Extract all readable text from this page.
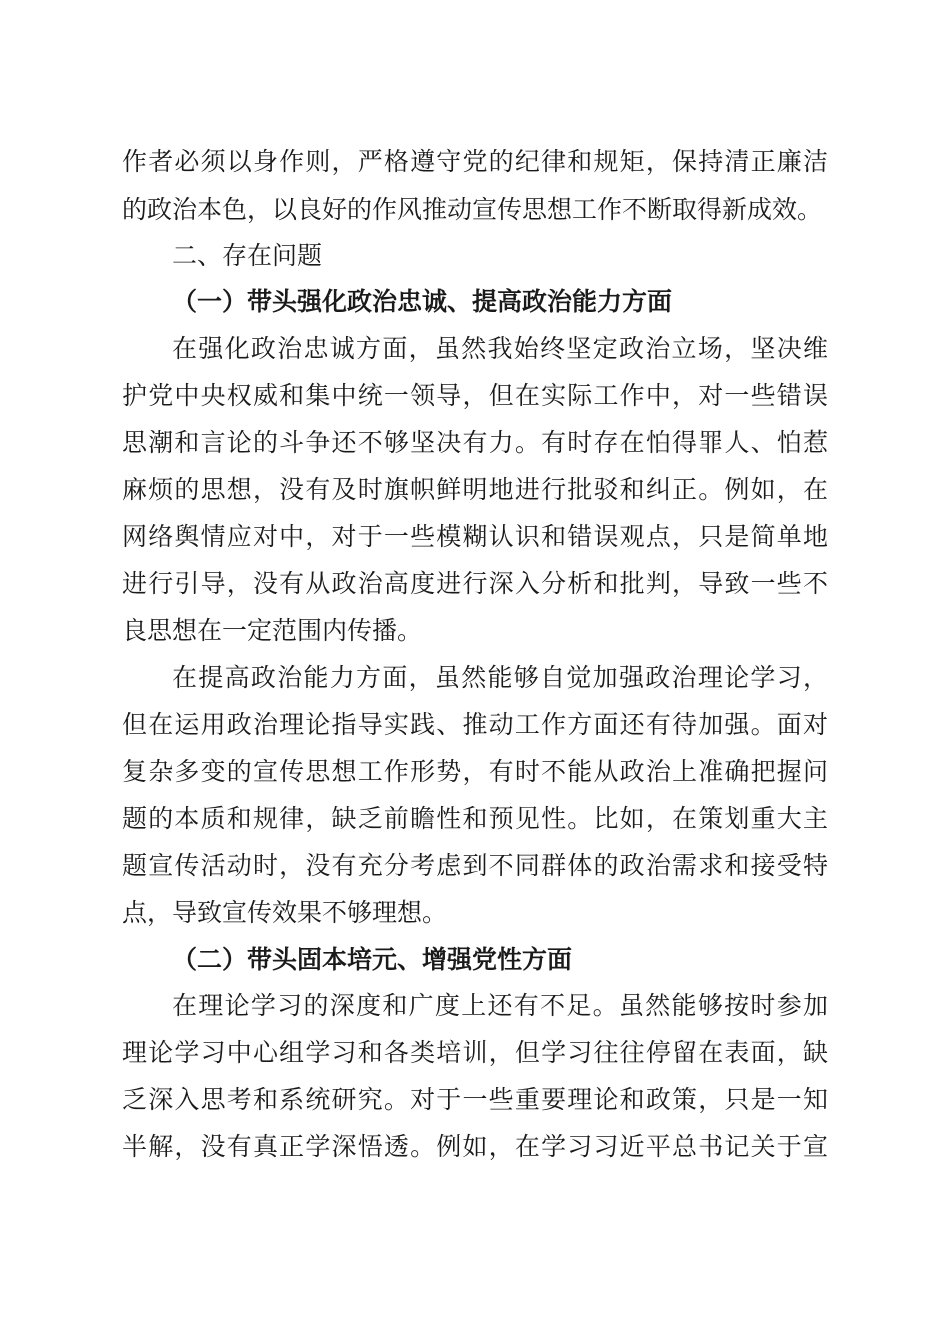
作者必须以身作则，严格遵守党的纪律和规矩，保持清正廉洁
的政治本色，以良好的作风推动宣传思想工作不断取得新成效。
二、存在问题
（一）带头强化政治忠诚、提高政治能力方面
在强化政治忠诚方面，虽然我始终坚定政治立场，坚决维
护党中央权威和集中统一领导，但在实际工作中，对一些错误
思潮和言论的斗争还不够坚决有力。有时存在怕得罪人、怕惹
麻烦的思想，没有及时旗帜鲜明地进行批驳和纠正。例如，在
网络舆情应对中，对于一些模糊认识和错误观点，只是简单地
进行引导，没有从政治高度进行深入分析和批判，导致一些不
良思想在一定范围内传播。
在提高政治能力方面，虽然能够自觉加强政治理论学习，
但在运用政治理论指导实践、推动工作方面还有待加强。面对
复杂多变的宣传思想工作形势，有时不能从政治上准确把握问
题的本质和规律，缺乏前瞻性和预见性。比如，在策划重大主
题宣传活动时，没有充分考虑到不同群体的政治需求和接受特
点，导致宣传效果不够理想。
（二）带头固本培元、增强党性方面
在理论学习的深度和广度上还有不足。虽然能够按时参加
理论学习中心组学习和各类培训，但学习往往停留在表面，缺
乏深入思考和系统研究。对于一些重要理论和政策，只是一知
半解，没有真正学深悟透。例如，在学习习近平总书记关于宣
